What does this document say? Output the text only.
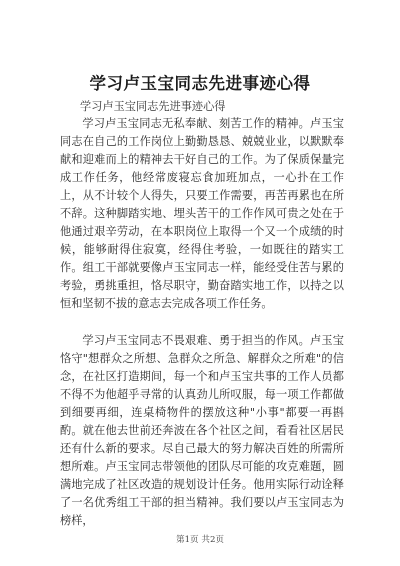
学习卢玉宝同志先进事迹心得
学习卢玉宝同志先进事迹心得
学习卢玉宝同志无私奉献、刻苦工作的精神。卢玉宝同志在自己的工作岗位上勤勤恳恳、兢兢业业，以默默奉献和迎难而上的精神去干好自己的工作。为了保质保量完成工作任务，他经常废寝忘食加班加点，一心扑在工作上，从不计较个人得失，只要工作需要，再苦再累也在所不辞。这种脚踏实地、埋头苦干的工作作风可贵之处在于他通过艰辛劳动，在本职岗位上取得一个又一个成绩的时候，能够耐得住寂寞，经得住考验，一如既往的踏实工作。组工干部就要像卢玉宝同志一样，能经受住苦与累的考验，勇挑重担，恪尽职守，勤奋踏实地工作，以持之以恒和坚韧不拔的意志去完成各项工作任务。
学习卢玉宝同志不畏艰难、勇于担当的作风。卢玉宝恪守"想群众之所想、急群众之所急、解群众之所难"的信念，在社区打造期间，每一个和卢玉宝共事的工作人员都不得不为他超乎寻常的认真劲儿所叹服，每一项工作都做到细要再细，连桌椅物件的摆放这种"小事"都要一再斟酌。就在他去世前还奔波在各个社区之间，看看社区居民还有什么新的要求。尽自己最大的努力解决百姓的所需所想所难。卢玉宝同志带领他的团队尽可能的攻克难题，圆满地完成了社区改造的规划设计任务。他用实际行动诠释了一名优秀组工干部的担当精神。我们要以卢玉宝同志为榜样，
第1页 共2页
